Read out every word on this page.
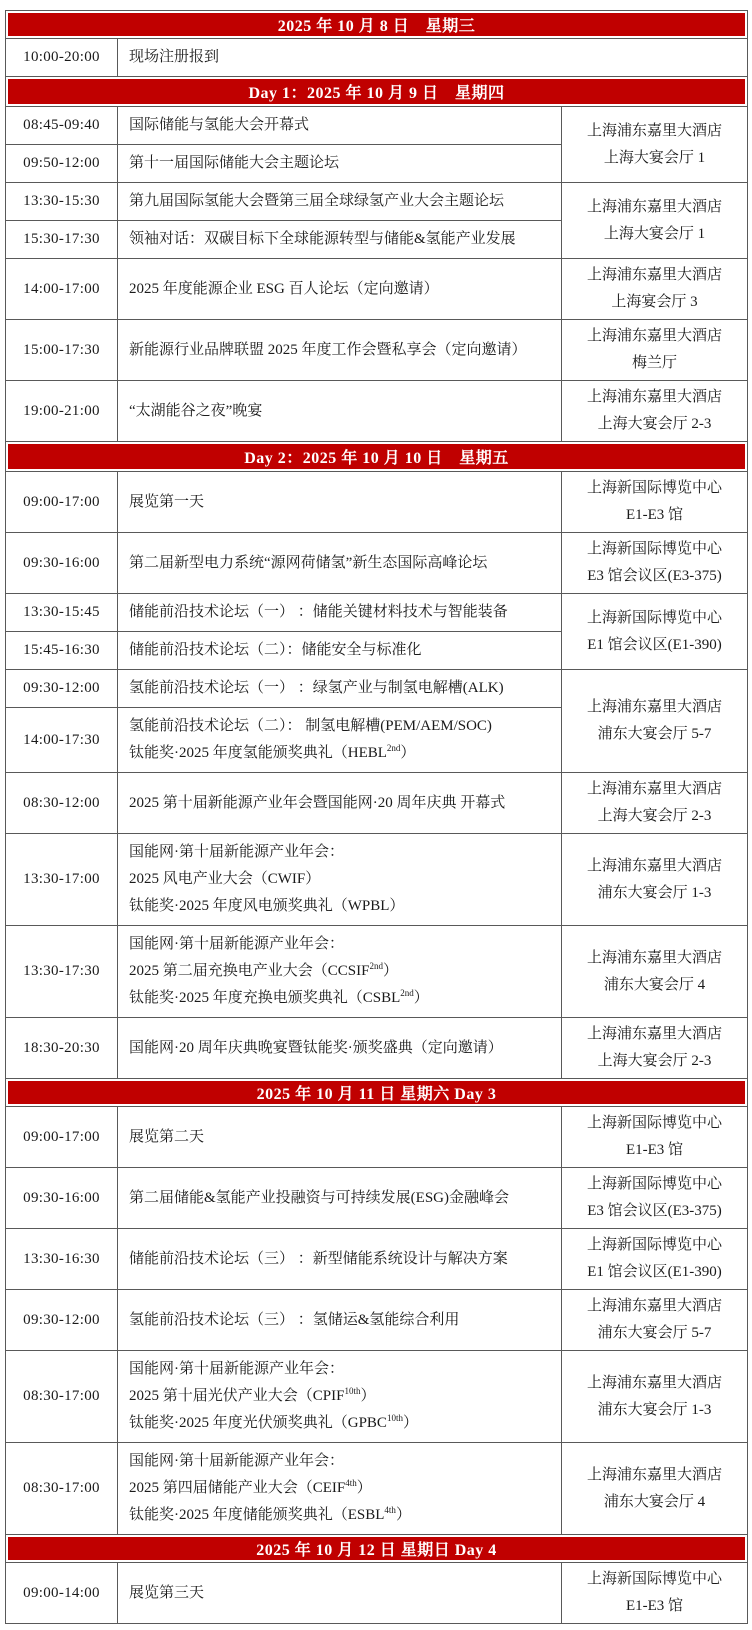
2025 年 10 月 8 日　星期三		
10:00-20:00	现场注册报到	
Day 1：2025 年 10 月 9 日　星期四		
08:45-09:40	国际储能与氢能大会开幕式	上海浦东嘉里大酒店
上海大宴会厅 1
09:50-12:00	第十一届国际储能大会主题论坛	
13:30-15:30	第九届国际氢能大会暨第三届全球绿氢产业大会主题论坛	上海浦东嘉里大酒店
上海大宴会厅 1
15:30-17:30	领袖对话：双碳目标下全球能源转型与储能&氢能产业发展	
14:00-17:00	2025 年度能源企业 ESG 百人论坛（定向邀请）	上海浦东嘉里大酒店
上海宴会厅 3
15:00-17:30	新能源行业品牌联盟 2025 年度工作会暨私享会（定向邀请）	上海浦东嘉里大酒店
梅兰厅
19:00-21:00	“太湖能谷之夜”晚宴	上海浦东嘉里大酒店
上海大宴会厅 2-3
Day 2：2025 年 10 月 10 日　星期五		
09:00-17:00	展览第一天	上海新国际博览中心
E1-E3 馆
09:30-16:00	第二届新型电力系统“源网荷储氢”新生态国际高峰论坛	上海新国际博览中心
E3 馆会议区(E3-375)
13:30-15:45	储能前沿技术论坛（一） ：储能关键材料技术与智能装备	上海新国际博览中心
E1 馆会议区(E1-390)
15:45-16:30	储能前沿技术论坛（二）：储能安全与标准化	
09:30-12:00	氢能前沿技术论坛（一） ：绿氢产业与制氢电解槽(ALK)	上海浦东嘉里大酒店
浦东大宴会厅 5-7
14:00-17:30	氢能前沿技术论坛（二）： 制氢电解槽(PEM/AEM/SOC)
钛能奖·2025 年度氢能颁奖典礼$(HEBL^{2nd})$	
08:30-12:00	2025 第十届新能源产业年会暨国能网·20 周年庆典 开幕式	上海浦东嘉里大酒店
上海大宴会厅 2-3
13:30-17:00	国能网·第十届新能源产业年会：
2025 风电产业大会（CWIF）
钛能奖·2025 年度风电颁奖典礼（WPBL）	上海浦东嘉里大酒店
浦东大宴会厅 1-3
13:30-17:30	国能网·第十届新能源产业年会：
2025 第二届充换电产业大会$(CCSIF^{2nd})$
钛能奖·2025 年度充换电颁奖典礼$(CSBL^{2nd})$	上海浦东嘉里大酒店
浦东大宴会厅 4
18:30-20:30	国能网·20 周年庆典晚宴暨钛能奖·颁奖盛典（定向邀请）	上海浦东嘉里大酒店
上海大宴会厅 2-3
2025 年 10 月 11 日 星期六 Day 3		
09:00-17:00	展览第二天	上海新国际博览中心
E1-E3 馆
09:30-16:00	第二届储能&氢能产业投融资与可持续发展(ESG)金融峰会	上海新国际博览中心
E3 馆会议区(E3-375)
13:30-16:30	储能前沿技术论坛（三） ：新型储能系统设计与解决方案	上海新国际博览中心
E1 馆会议区(E1-390)
09:30-12:00	氢能前沿技术论坛（三） ：氢储运&氢能综合利用	上海浦东嘉里大酒店
浦东大宴会厅 5-7
08:30-17:00	国能网·第十届新能源产业年会：
2025 第十届光伏产业大会$(CPIF^{10th})$
钛能奖·2025 年度光伏颁奖典礼$(GPBC^{10th})$	上海浦东嘉里大酒店
浦东大宴会厅 1-3
08:30-17:00	国能网·第十届新能源产业年会：
2025 第四届储能产业大会$(CEIF^{4th})$
钛能奖·2025 年度储能颁奖典礼$(ESBL^{4th})$	上海浦东嘉里大酒店
浦东大宴会厅 4
2025 年 10 月 12 日 星期日 Day 4		
09:00-14:00	展览第三天	上海新国际博览中心
E1-E3 馆
